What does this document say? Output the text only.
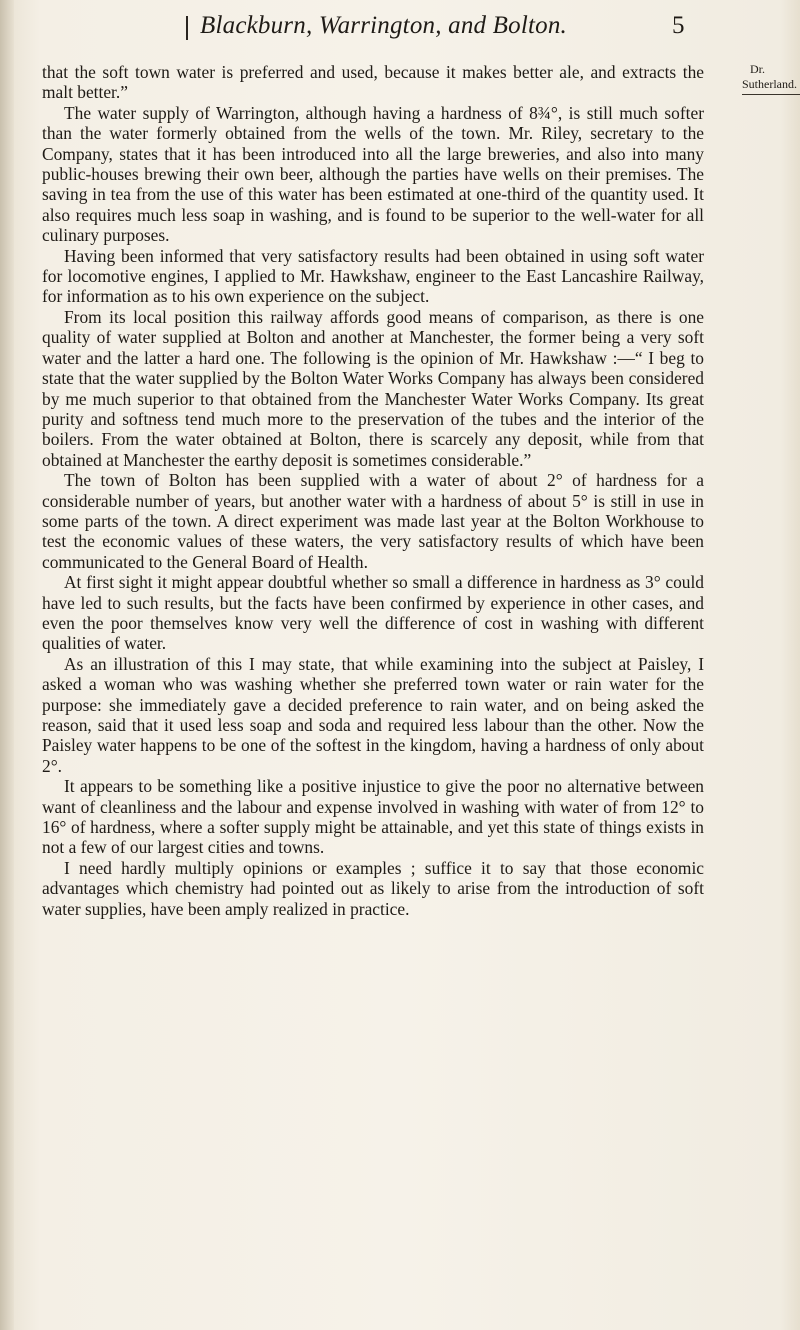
Blackburn, Warrington, and Bolton.	5
Dr.
Sutherland.

that the soft town water is preferred and used, because it makes better ale, and extracts the malt better.”

The water supply of Warrington, although having a hardness of 8¾°, is still much softer than the water formerly obtained from the wells of the town. Mr. Riley, secretary to the Company, states that it has been introduced into all the large breweries, and also into many public-houses brewing their own beer, although the parties have wells on their premises. The saving in tea from the use of this water has been estimated at one-third of the quantity used. It also requires much less soap in washing, and is found to be superior to the well-water for all culinary purposes.

Having been informed that very satisfactory results had been obtained in using soft water for locomotive engines, I applied to Mr. Hawkshaw, engineer to the East Lancashire Railway, for information as to his own experience on the subject.

From its local position this railway affords good means of comparison, as there is one quality of water supplied at Bolton and another at Manchester, the former being a very soft water and the latter a hard one. The following is the opinion of Mr. Hawkshaw :—“ I beg to state that the water supplied by the Bolton Water Works Company has always been considered by me much superior to that obtained from the Manchester Water Works Company. Its great purity and softness tend much more to the preservation of the tubes and the interior of the boilers. From the water obtained at Bolton, there is scarcely any deposit, while from that obtained at Manchester the earthy deposit is sometimes considerable.”

The town of Bolton has been supplied with a water of about 2° of hardness for a considerable number of years, but another water with a hardness of about 5° is still in use in some parts of the town. A direct experiment was made last year at the Bolton Workhouse to test the economic values of these waters, the very satisfactory results of which have been communicated to the General Board of Health.

At first sight it might appear doubtful whether so small a difference in hardness as 3° could have led to such results, but the facts have been confirmed by experience in other cases, and even the poor themselves know very well the difference of cost in washing with different qualities of water.

As an illustration of this I may state, that while examining into the subject at Paisley, I asked a woman who was washing whether she preferred town water or rain water for the purpose: she immediately gave a decided preference to rain water, and on being asked the reason, said that it used less soap and soda and required less labour than the other. Now the Paisley water happens to be one of the softest in the kingdom, having a hardness of only about 2°.

It appears to be something like a positive injustice to give the poor no alternative between want of cleanliness and the labour and expense involved in washing with water of from 12° to 16° of hardness, where a softer supply might be attainable, and yet this state of things exists in not a few of our largest cities and towns.

I need hardly multiply opinions or examples ; suffice it to say that those economic advantages which chemistry had pointed out as likely to arise from the introduction of soft water supplies, have been amply realized in practice.
